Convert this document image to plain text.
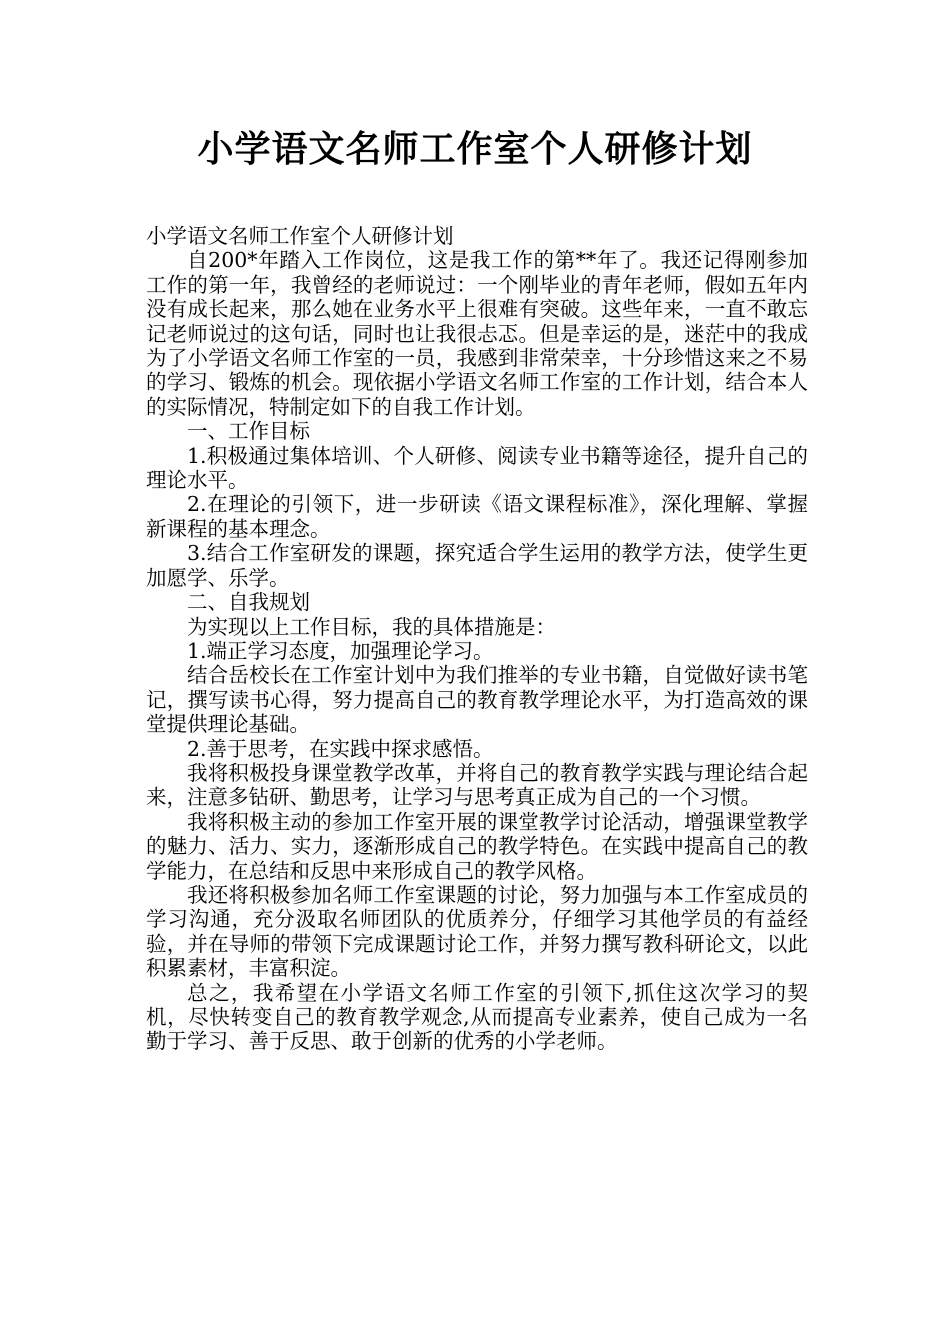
小学语文名师工作室个人研修计划

小学语文名师工作室个人研修计划

自200*年踏入工作岗位，这是我工作的第**年了。我还记得刚参加工作的第一年，我曾经的老师说过：一个刚毕业的青年老师，假如五年内没有成长起来，那么她在业务水平上很难有突破。这些年来，一直不敢忘记老师说过的这句话，同时也让我很忐忑。但是幸运的是，迷茫中的我成为了小学语文名师工作室的一员，我感到非常荣幸，十分珍惜这来之不易的学习、锻炼的机会。现依据小学语文名师工作室的工作计划，结合本人的实际情况，特制定如下的自我工作计划。

一、工作目标

1.积极通过集体培训、个人研修、阅读专业书籍等途径，提升自己的理论水平。

2.在理论的引领下，进一步研读《语文课程标准》，深化理解、掌握新课程的基本理念。

3.结合工作室研发的课题，探究适合学生运用的教学方法，使学生更加愿学、乐学。

二、自我规划

为实现以上工作目标，我的具体措施是：

1.端正学习态度，加强理论学习。

结合岳校长在工作室计划中为我们推举的专业书籍，自觉做好读书笔记，撰写读书心得，努力提高自己的教育教学理论水平，为打造高效的课堂提供理论基础。

2.善于思考，在实践中探求感悟。

我将积极投身课堂教学改革，并将自己的教育教学实践与理论结合起来，注意多钻研、勤思考，让学习与思考真正成为自己的一个习惯。

我将积极主动的参加工作室开展的课堂教学讨论活动，增强课堂教学的魅力、活力、实力，逐渐形成自己的教学特色。在实践中提高自己的教学能力，在总结和反思中来形成自己的教学风格。

我还将积极参加名师工作室课题的讨论，努力加强与本工作室成员的学习沟通，充分汲取名师团队的优质养分，仔细学习其他学员的有益经验，并在导师的带领下完成课题讨论工作，并努力撰写教科研论文，以此积累素材，丰富积淀。

总之，我希望在小学语文名师工作室的引领下,抓住这次学习的契机，尽快转变自己的教育教学观念,从而提高专业素养，使自己成为一名勤于学习、善于反思、敢于创新的优秀的小学老师。
